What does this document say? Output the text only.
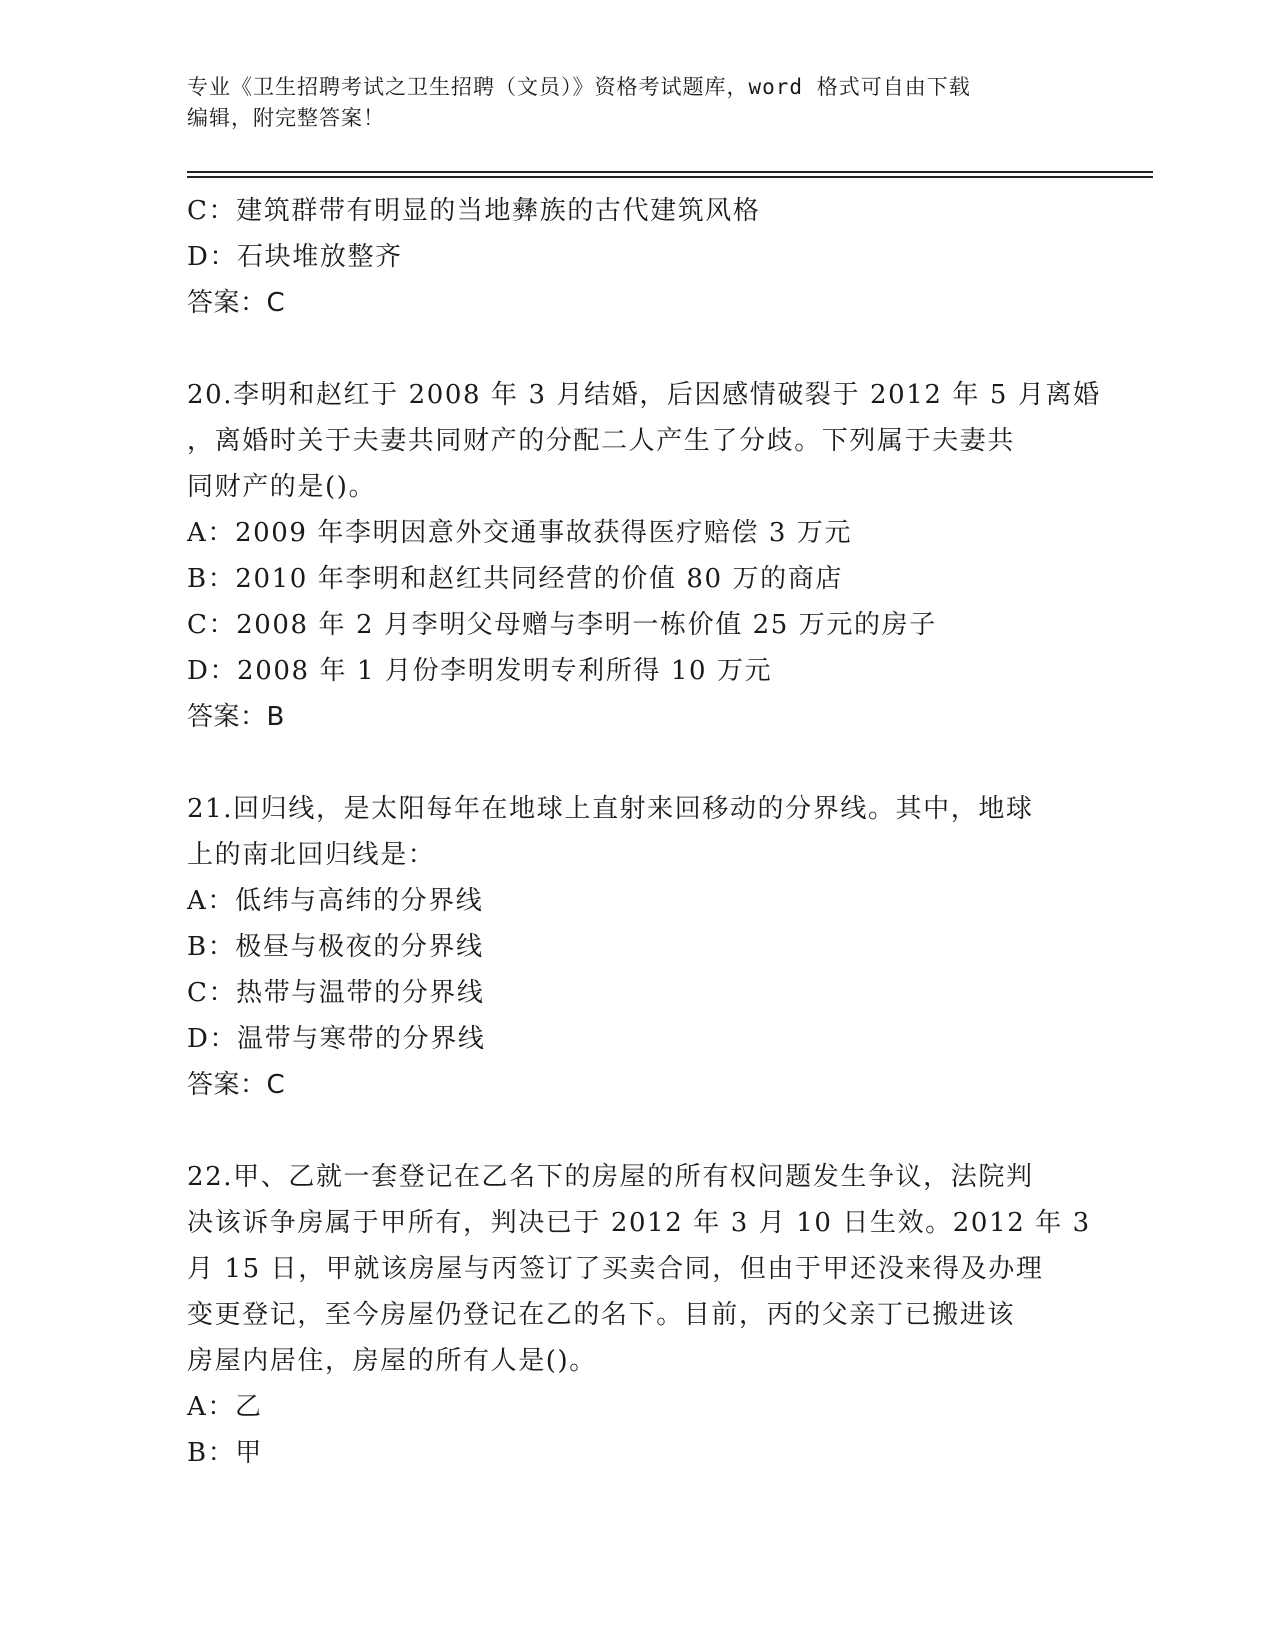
专业《卫生招聘考试之卫生招聘（文员）》资格考试题库，word 格式可自由下载
编辑，附完整答案！
C：建筑群带有明显的当地彝族的古代建筑风格
D：石块堆放整齐
答案：C
20.李明和赵红于 2008 年 3 月结婚，后因感情破裂于 2012 年 5 月离婚
，离婚时关于夫妻共同财产的分配二人产生了分歧。下列属于夫妻共
同财产的是()。
A：2009 年李明因意外交通事故获得医疗赔偿 3 万元
B：2010 年李明和赵红共同经营的价值 80 万的商店
C：2008 年 2 月李明父母赠与李明一栋价值 25 万元的房子
D：2008 年 1 月份李明发明专利所得 10 万元
答案：B
21.回归线，是太阳每年在地球上直射来回移动的分界线。其中，地球
上的南北回归线是：
A：低纬与高纬的分界线
B：极昼与极夜的分界线
C：热带与温带的分界线
D：温带与寒带的分界线
答案：C
22.甲、乙就一套登记在乙名下的房屋的所有权问题发生争议，法院判
决该诉争房属于甲所有，判决已于 2012 年 3 月 10 日生效。2012 年 3
月 15 日，甲就该房屋与丙签订了买卖合同，但由于甲还没来得及办理
变更登记，至今房屋仍登记在乙的名下。目前，丙的父亲丁已搬进该
房屋内居住，房屋的所有人是()。
A：乙
B：甲
